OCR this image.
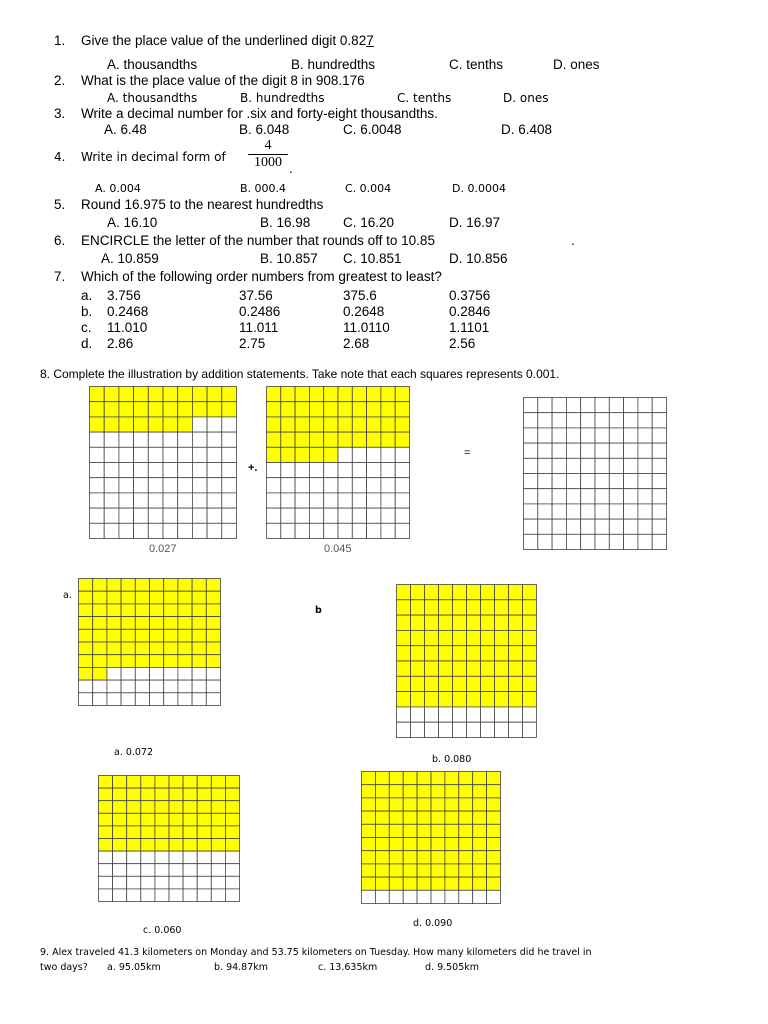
1. Give the place value of the underlined digit 0.827
A. thousandths	B. hundredths	C. tenths	D. ones
2. What is the place value of the digit 8 in 908.176
A. thousandths	B. hundredths	C. tenths	D. ones
3. Write a decimal number for .six and forty-eight thousandths.
A. 6.48	B. 6.048	C. 6.0048	D. 6.408
4. Write in decimal form of $\frac{4}{1000}$ .
A. 0.004	B. 000.4	C. 0.004	D. 0.0004
5. Round 16.975 to the nearest hundredths
A. 16.10	B. 16.98 C. 16.20	D. 16.97
6. ENCIRCLE the letter of the number that rounds off to 10.85	.
A. 10.859	B. 10.857 C. 10.851	D. 10.856
7. Which of the following order numbers from greatest to least?
a. 3.756	37.56	375.6	0.3756
b. 0.2468	0.2486	0.2648	0.2846
c. 11.010	11.011	11.0110	1.1101
d. 2.86	2.75	2.68	2.56
8. Complete the illustration by addition statements. Take note that each squares represents 0.001.
+.
=
0.027	0.045
a.
a. 0.072
b
b. 0.080
c. 0.060
d. 0.090
9. Alex traveled 41.3 kilometers on Monday and 53.75 kilometers on Tuesday. How many kilometers did he travel in
two days? a. 95.05km	b. 94.87km	c. 13.635km	d. 9.505km
